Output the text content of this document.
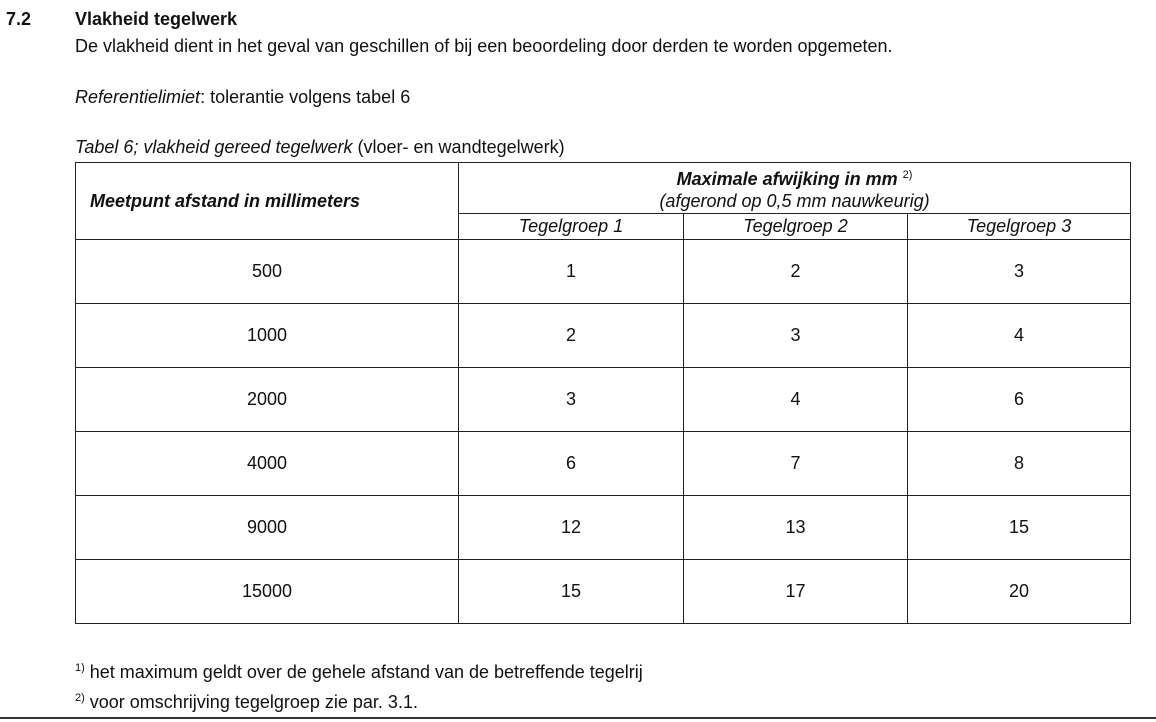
7.2 Vlakheid tegelwerk
De vlakheid dient in het geval van geschillen of bij een beoordeling door derden te worden opgemeten.
Referentielimiet: tolerantie volgens tabel 6
Tabel 6; vlakheid gereed tegelwerk (vloer- en wandtegelwerk)
Meetpunt afstand in millimeters	Maximale afwijking in mm $^{2)}$
(afgerond op 0,5 mm nauwkeurig)		
	Tegelgroep 1	Tegelgroep 2	Tegelgroep 3
500	1	2	3
1000	2	3	4
2000	3	4	6
4000	6	7	8
9000	12	13	15
15000	15	17	20
$^{1)}$ het maximum geldt over de gehele afstand van de betreffende tegelrij
$^{2)}$ voor omschrijving tegelgroep zie par. 3.1.
